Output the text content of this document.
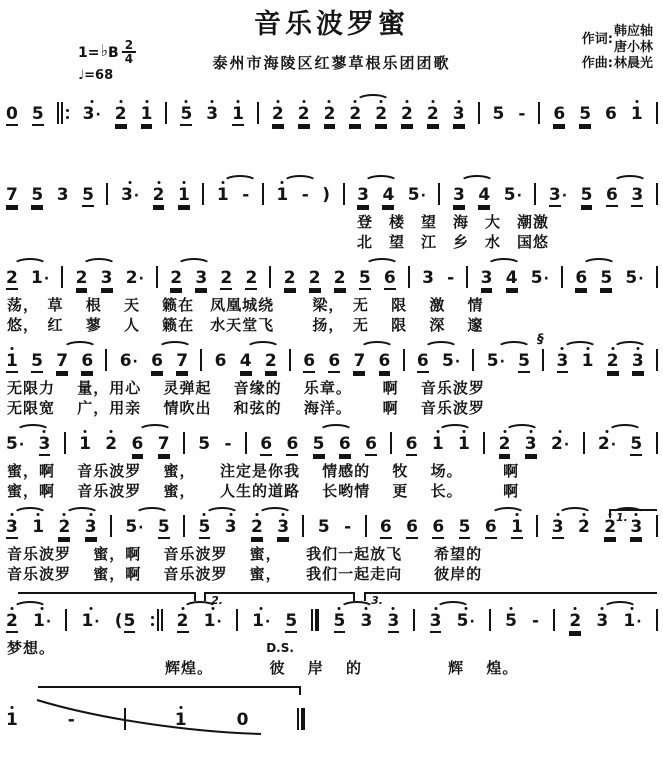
音乐波罗蜜
泰州市海陵区红蓼草根乐团团歌
1= ♭ B $\frac{2}{4}$
♩=68
作词:
韩应轴
唐小林
作曲: 林晨光
0 5 3· 2 1 5 3 1 2 2 2 2 2 2 2 3 5 - 6 5 6 1
7 5 3 5 3· 2 1 1 - 1 - ) 3 4 5· 3 4 5· 3· 5 6 3
登　楼　望　海　大　潮激
北　望　江　乡　水　国悠
2 1· 2 3 2· 2 3 2 2 2 2 2 5 6 3 - 3 4 5· 6 5 5·
荡，　草　 根　 天　 籁在　凤凰城绕　　 梁，　无　 限　 激　 情
悠，　红　 蓼　 人　 籁在　水天堂飞　　 扬，　无　 限　 深　 邃
1 5 7 6 6· 6 7 6 4 2 6 6 7 6 6 5· 5· 5
§
3 1 2 3
无限力　 量，用心　 灵弹起　 音缘的　 乐章。　　 啊　 音乐波罗
无限宽　 广，用亲　 情吹出　 和弦的　 海洋。　　 啊　 音乐波罗
5· 3 1 2 6 7 5 - 6 6 5 6 6 6 1 1 2 3 2· 2· 5
蜜，啊　 音乐波罗　 蜜，　　注定是你我　 情感的　 牧　 场。　　　啊
蜜，啊　 音乐波罗　 蜜，　　人生的道路　 长哟情　 更　 长。　　　啊
1.
3 1 2 3 5· 5 5 3 2 3 5 - 6 6 6 5 6 1 3 2 2 3
音乐波罗　 蜜，啊　 音乐波罗　 蜜，　　我们一起放飞　　希望的
音乐波罗　 蜜，啊　 音乐波罗　 蜜，　　我们一起走向　　彼岸的
2.	3.
D.S.
2 1· 1· (5 2 1· 1· 5 5 3 3 3 5· 5 - 2 3 1·
梦想。
辉煌。　　　　彼　 岸　 的　　　　　 辉　 煌。
1	-	1	0
